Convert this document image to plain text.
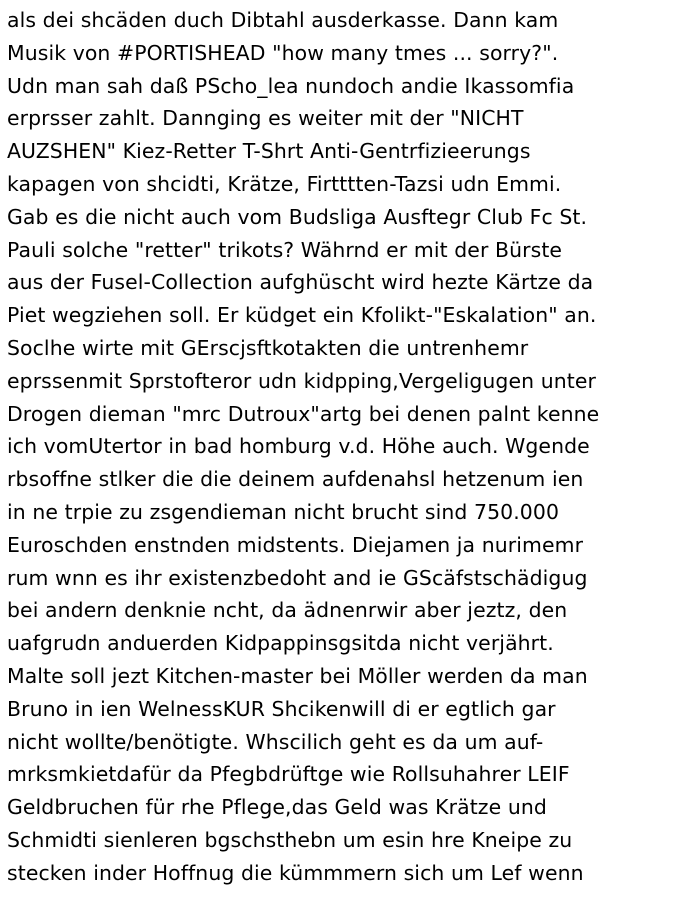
als dei shcäden duch Dibtahl ausderkasse. Dann kam
Musik von #PORTISHEAD "how many tmes ... sorry?".
Udn man sah daß PScho_lea nundoch andie Ikassomfia
erprsser zahlt. Dannging es weiter mit der "NICHT
AUZSHEN" Kiez-Retter T-Shrt Anti-Gentrfizieerungs
kapagen von shcidti, Krätze, Firtttten-Tazsi udn Emmi.
Gab es die nicht auch vom Budsliga Ausftegr Club Fc St.
Pauli solche "retter" trikots? Währnd er mit der Bürste
aus der Fusel-Collection aufghüscht wird hezte Kärtze da
Piet wegziehen soll. Er küdget ein Kfolikt-"Eskalation" an.
Soclhe wirte mit GErscjsftkotakten die untrenhemr
eprssenmit Sprstofteror udn kidpping,Vergeligugen unter
Drogen dieman "mrc Dutroux"artg bei denen palnt kenne
ich vomUtertor in bad homburg v.d. Höhe auch. Wgende
rbsoffne stlker die die deinem aufdenahsl hetzenum ien
in ne trpie zu zsgendieman nicht brucht sind 750.000
Euroschden enstnden midstents. Diejamen ja nurimemr
rum wnn es ihr existenzbedoht and ie GScäfstschädigug
bei andern denknie ncht, da ädnenrwir aber jeztz, den
uafgrudn anduerden Kidpappinsgsitda nicht verjährt.
Malte soll jezt Kitchen-master bei Möller werden da man
Bruno in ien WelnessKUR Shcikenwill di er egtlich gar
nicht wollte/benötigte. Whscilich geht es da um auf-
mrksmkietdafür da Pfegbdrüftge wie Rollsuhahrer LEIF
Geldbruchen für rhe Pflege,das Geld was Krätze und
Schmidti sienleren bgschsthebn um esin hre Kneipe zu
stecken inder Hoffnug die kümmmern sich um Lef wenn
